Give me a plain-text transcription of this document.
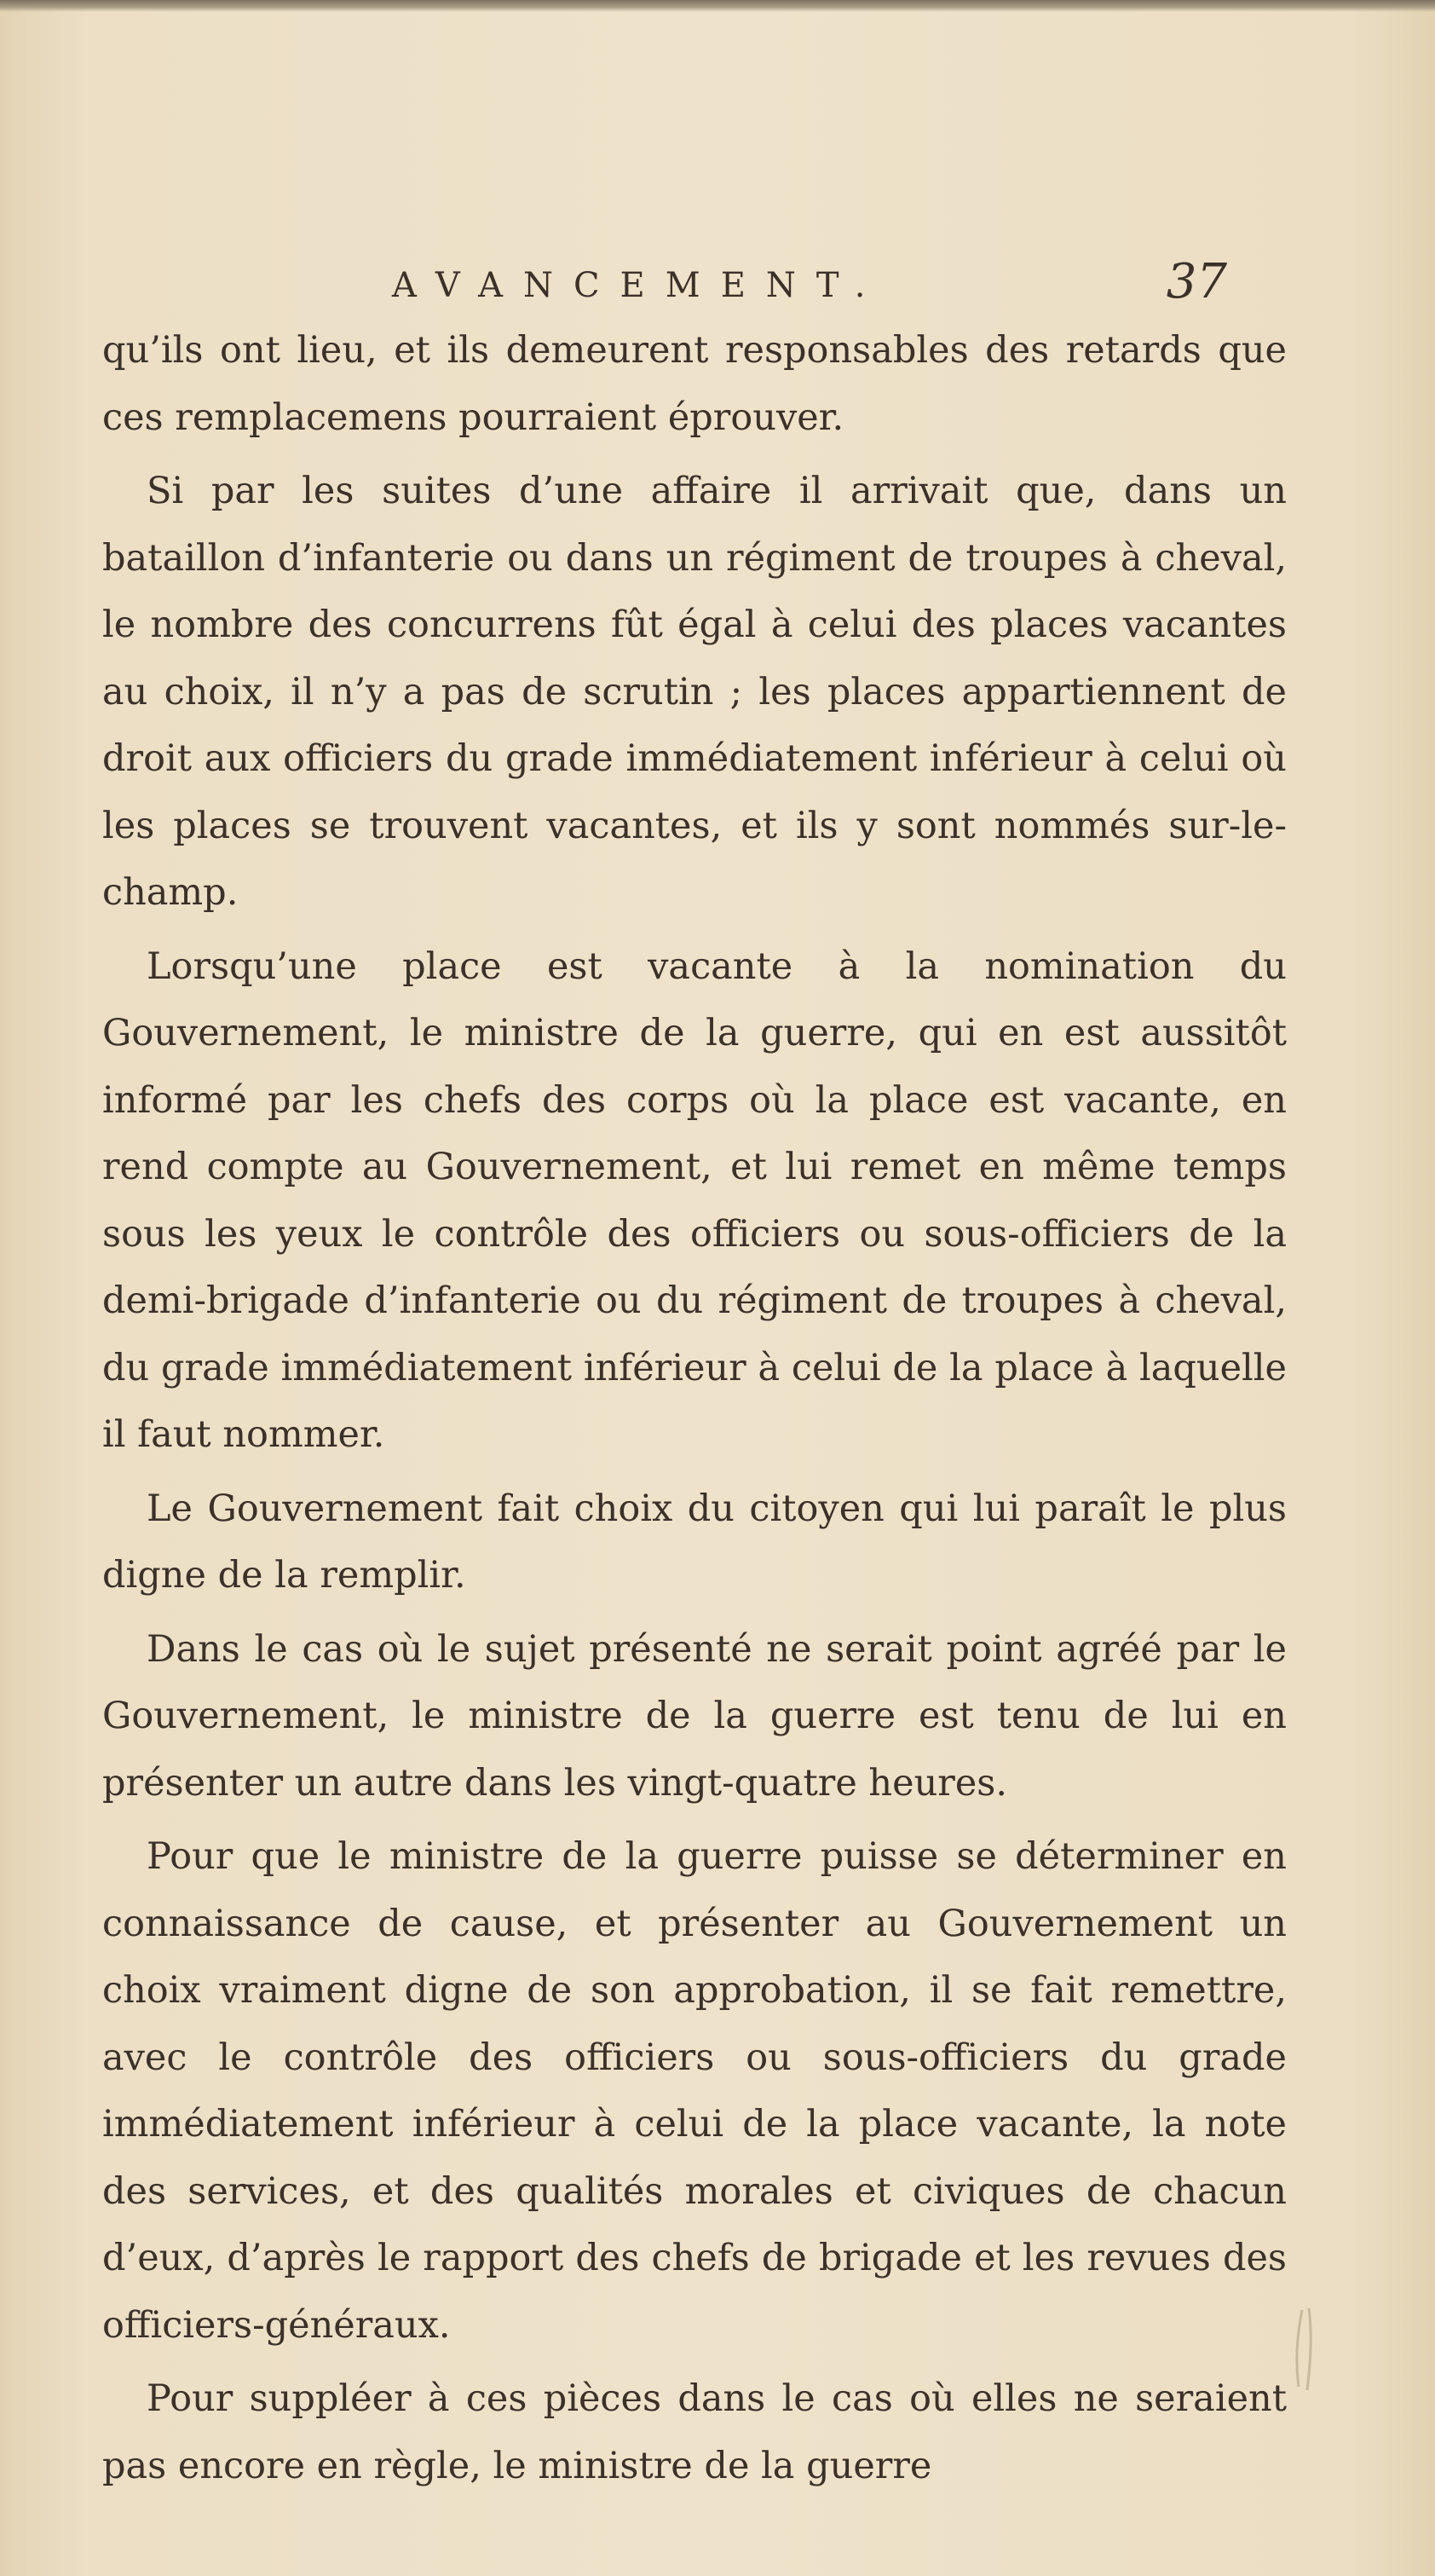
AVANCEMENT.	37

qu’ils ont lieu, et ils demeurent responsables des retards que ces remplacemens pourraient éprouver.

Si par les suites d’une affaire il arrivait que, dans un bataillon d’infanterie ou dans un régiment de troupes à cheval, le nombre des concurrens fût égal à celui des places vacantes au choix, il n’y a pas de scrutin ; les places appartiennent de droit aux officiers du grade immédiatement inférieur à celui où les places se trouvent vacantes, et ils y sont nommés sur-le-champ.

Lorsqu’une place est vacante à la nomination du Gouvernement, le ministre de la guerre, qui en est aussitôt informé par les chefs des corps où la place est vacante, en rend compte au Gouvernement, et lui remet en même temps sous les yeux le contrôle des officiers ou sous-officiers de la demi-brigade d’infanterie ou du régiment de troupes à cheval, du grade immédiatement inférieur à celui de la place à laquelle il faut nommer.

Le Gouvernement fait choix du citoyen qui lui paraît le plus digne de la remplir.

Dans le cas où le sujet présenté ne serait point agréé par le Gouvernement, le ministre de la guerre est tenu de lui en présenter un autre dans les vingt-quatre heures.

Pour que le ministre de la guerre puisse se déterminer en connaissance de cause, et présenter au Gouvernement un choix vraiment digne de son approbation, il se fait remettre, avec le contrôle des officiers ou sous-officiers du grade immédiatement inférieur à celui de la place vacante, la note des services, et des qualités morales et civiques de chacun d’eux, d’après le rapport des chefs de brigade et les revues des officiers-généraux.

Pour suppléer à ces pièces dans le cas où elles ne seraient pas encore en règle, le ministre de la guerre
